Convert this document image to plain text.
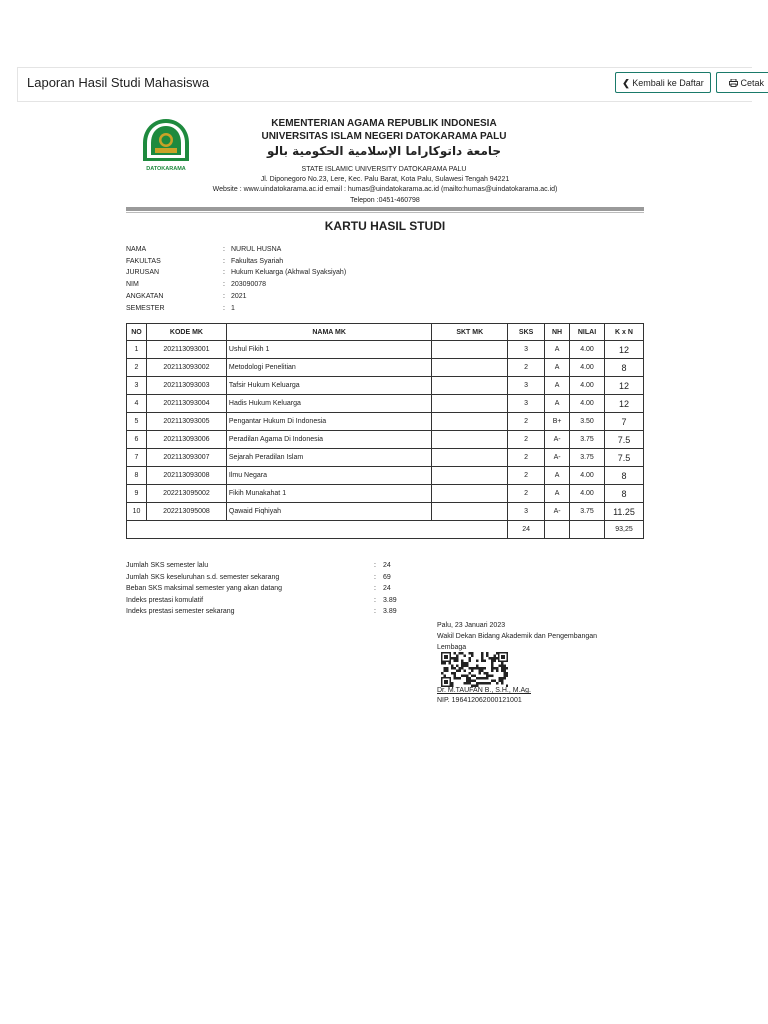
Laporan Hasil Studi Mahasiswa	❮ Kembali ke Daftar	Cetak
DATOKARAMA
KEMENTERIAN AGAMA REPUBLIK INDONESIA
UNIVERSITAS ISLAM NEGERI DATOKARAMA PALU
جامعة داتوكاراما الإسلامية الحكومية بالو
STATE ISLAMIC UNIVERSITY DATOKARAMA PALU
Jl. Diponegoro No.23, Lere, Kec. Palu Barat, Kota Palu, Sulawesi Tengah 94221
Website : www.uindatokarama.ac.id email : humas@uindatokarama.ac.id (mailto:humas@uindatokarama.ac.id)
Telepon :0451-460798
KARTU HASIL STUDI
NAMA	: NURUL HUSNA
FAKULTAS	: Fakultas Syariah
JURUSAN	: Hukum Keluarga (Akhwal Syaksiyah)
NIM	: 203090078
ANGKATAN	: 2021
SEMESTER	: 1
NO	KODE MK	NAMA MK	SKT MK	SKS	NH	NILAI	K x N
1	202113093001	Ushul Fikih 1		3	A	4.00	12
2	202113093002	Metodologi Penelitian		2	A	4.00	8
3	202113093003	Tafsir Hukum Keluarga		3	A	4.00	12
4	202113093004	Hadis Hukum Keluarga		3	A	4.00	12
5	202113093005	Pengantar Hukum Di Indonesia		2	B+	3.50	7
6	202113093006	Peradilan Agama Di Indonesia		2	A-	3.75	7.5
7	202113093007	Sejarah Peradilan Islam		2	A-	3.75	7.5
8	202113093008	Ilmu Negara		2	A	4.00	8
9	202213095002	Fikih Munakahat 1		2	A	4.00	8
10	202213095008	Qawaid Fiqhiyah		3	A-	3.75	11.25
				24			93,25
Jumlah SKS semester lalu	: 24
Jumlah SKS keseluruhan s.d. semester sekarang	: 69
Beban SKS maksimal semester yang akan datang	: 24
Indeks prestasi komulatif	: 3.89
Indeks prestasi semester sekarang	: 3.89
Palu, 23 Januari 2023
Wakil Dekan Bidang Akademik dan Pengembangan Lembaga
Dr. M.TAUFAN B., S.H., M.Ag.
NIP. 196412062000121001
